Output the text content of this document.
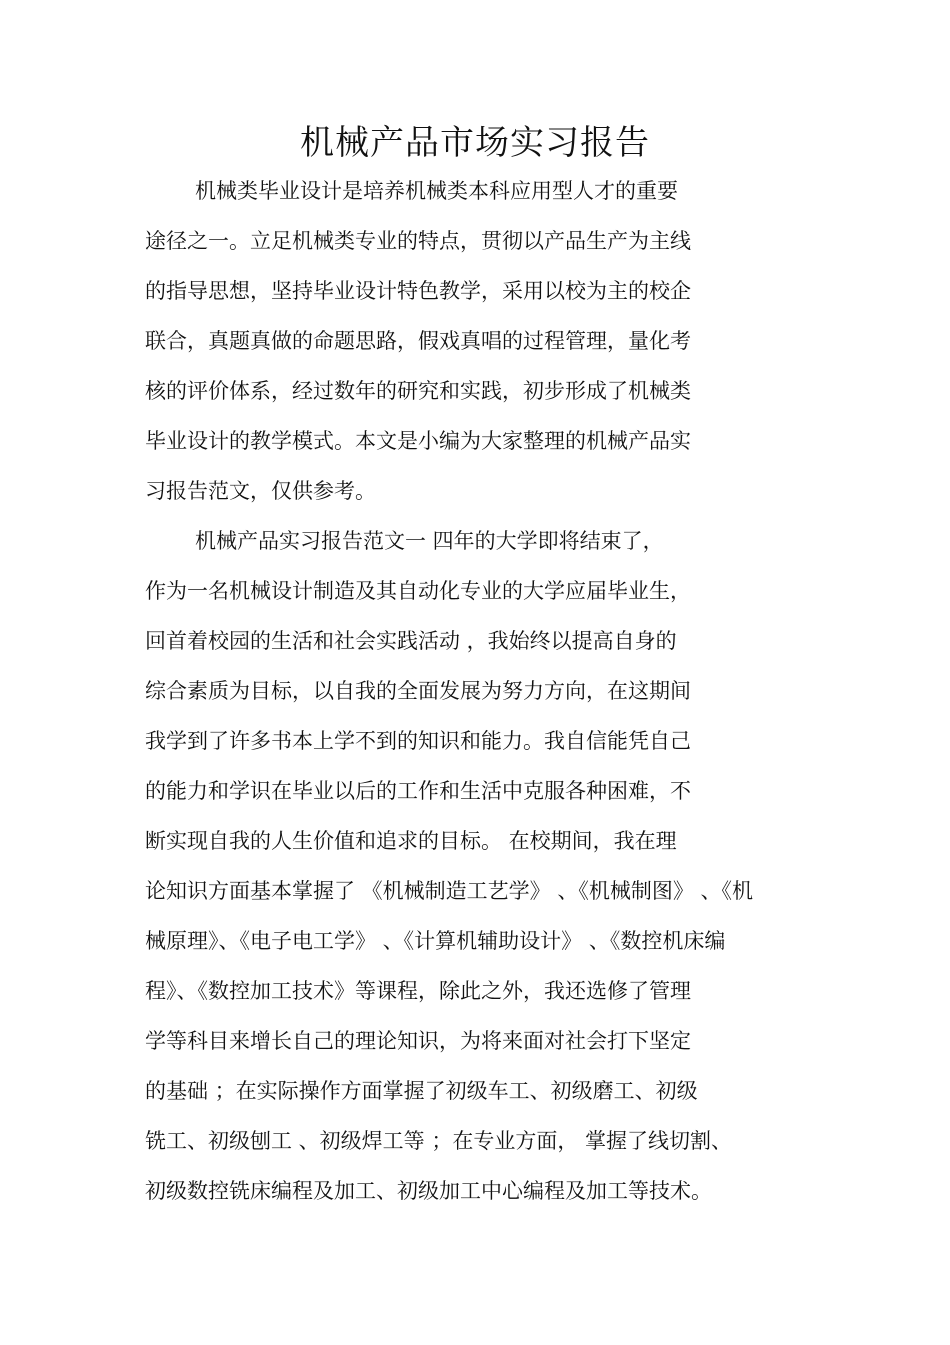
机械产品市场实习报告
机械类毕业设计是培养机械类本科应用型人才的重要
途径之一。立足机械类专业的特点，贯彻以产品生产为主线
的指导思想，坚持毕业设计特色教学，采用以校为主的校企
联合，真题真做的命题思路，假戏真唱的过程管理，量化考
核的评价体系，经过数年的研究和实践，初步形成了机械类
毕业设计的教学模式。本文是小编为大家整理的机械产品实
习报告范文，仅供参考。
机械产品实习报告范文一 四年的大学即将结束了，
作为一名机械设计制造及其自动化专业的大学应届毕业生，
回首着校园的生活和社会实践活动 ，我始终以提高自身的
综合素质为目标，以自我的全面发展为努力方向，在这期间
我学到了许多书本上学不到的知识和能力。我自信能凭自己
的能力和学识在毕业以后的工作和生活中克服各种困难，不
断实现自我的人生价值和追求的目标。 在校期间，我在理
论知识方面基本掌握了 《机械制造工艺学》 、《机械制图》 、《机
械原理》、《电子电工学》 、《计算机辅助设计》 、《数控机床编
程》、《数控加工技术》等课程，除此之外，我还选修了管理
学等科目来增长自己的理论知识，为将来面对社会打下坚定
的基础 ；在实际操作方面掌握了初级车工、初级磨工、初级
铣工、初级刨工 、初级焊工等 ；在专业方面， 掌握了线切割、
初级数控铣床编程及加工、初级加工中心编程及加工等技术。
